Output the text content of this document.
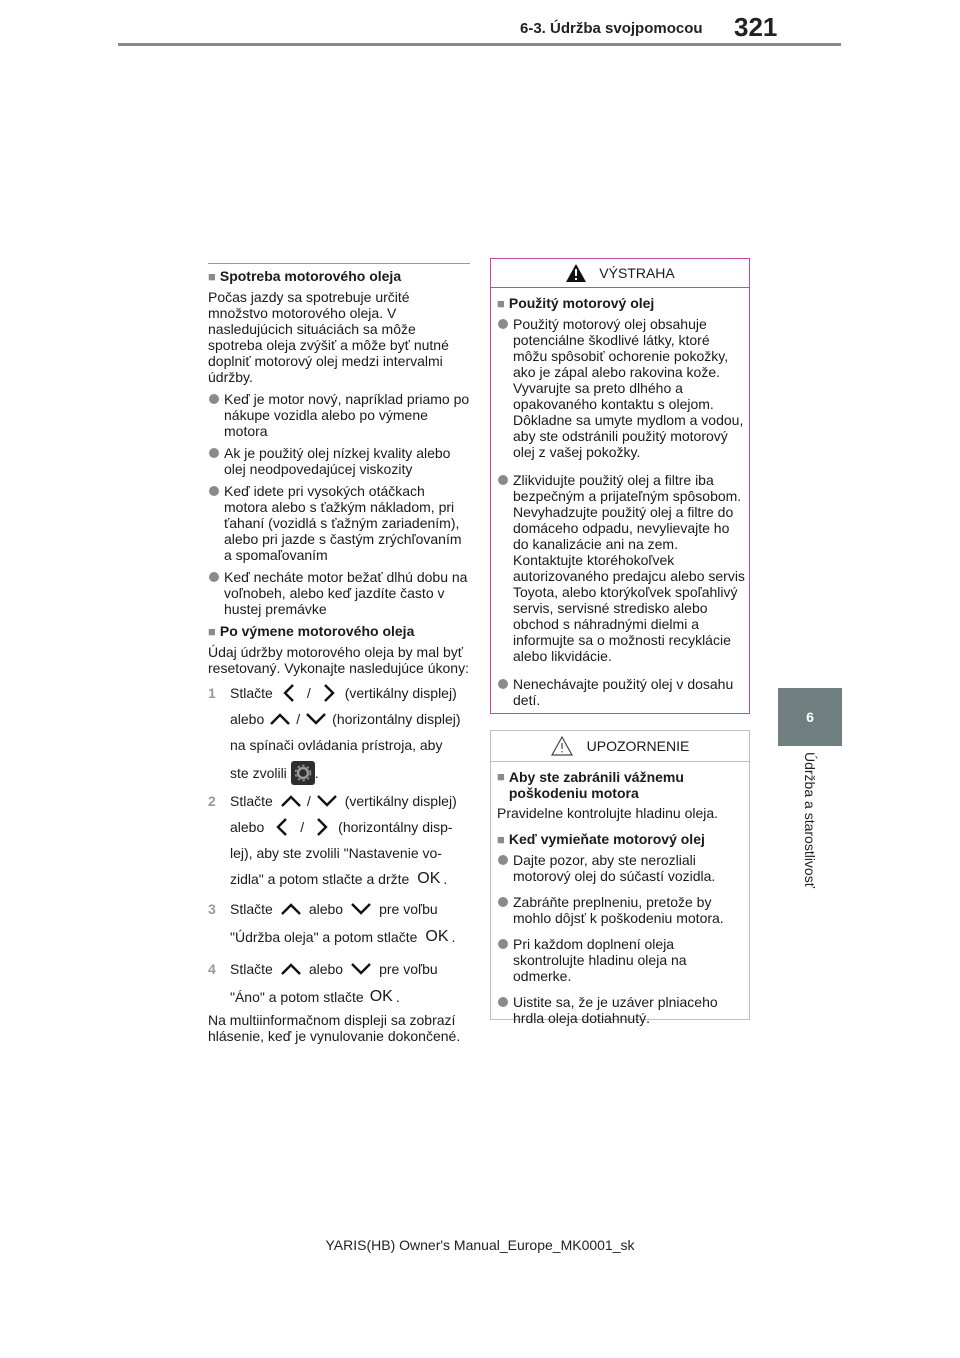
6-3. Údržba svojpomocou 321
6
Údržba a starostlivosť
■ Spotreba motorového oleja
Počas jazdy sa spotrebuje určité množstvo motorového oleja. V nasledujúcich situáciách sa môže spotreba oleja zvýšiť a môže byť nutné doplniť motorový olej medzi intervalmi údržby.
Keď je motor nový, napríklad priamo po nákupe vozidla alebo po výmene motora
Ak je použitý olej nízkej kvality alebo olej neodpovedajúcej viskozity
Keď idete pri vysokých otáčkach motora alebo s ťažkým nákladom, pri ťahaní (vozidlá s ťažným zariadením), alebo pri jazde s častým zrýchľovaním a spomaľovaním
Keď necháte motor bežať dlhú dobu na voľnobeh, alebo keď jazdíte často v hustej premávke
■ Po výmene motorového oleja
Údaj údržby motorového oleja by mal byť resetovaný. Vykonajte nasledujúce úkony:
1	Stlačte / (vertikálny displej)
alebo / (horizontálny displej)
na spínači ovládania prístroja, aby
ste zvolili .
2	Stlačte / (vertikálny displej)
alebo	/ (horizontálny disp-
lej), aby ste zvolili "Nastavenie vo-
zidla" a potom stlačte a držte OK .
3	Stlačte	alebo	pre voľbu
"Údržba oleja" a potom stlačte OK .
4	Stlačte	alebo	pre voľbu
"Áno" a potom stlačte OK .
Na multiinformačnom displeji sa zobrazí hlásenie, keď je vynulovanie dokončené.
VÝSTRAHA
■ Použitý motorový olej
Použitý motorový olej obsahuje potenciálne škodlivé látky, ktoré môžu spôsobiť ochorenie pokožky, ako je zápal alebo rakovina kože. Vyvarujte sa preto dlhého a opakovaného kontaktu s olejom. Dôkladne sa umyte mydlom a vodou, aby ste odstránili použitý motorový olej z vašej pokožky.
Zlikvidujte použitý olej a filtre iba bezpečným a prijateľným spôsobom. Nevyhadzujte použitý olej a filtre do domáceho odpadu, nevylievajte ho do kanalizácie ani na zem. Kontaktujte ktoréhokoľvek autorizovaného predajcu alebo servis Toyota, alebo ktorýkoľvek spoľahlivý servis, servisné stredisko alebo obchod s náhradnými dielmi a informujte sa o možnosti recyklácie alebo likvidácie.
Nenechávajte použitý olej v dosahu detí.
UPOZORNENIE
■ Aby ste zabránili vážnemu poškodeniu motora
Pravidelne kontrolujte hladinu oleja.
■ Keď vymieňate motorový olej
Dajte pozor, aby ste nerozliali motorový olej do súčastí vozidla.
Zabráňte preplneniu, pretože by mohlo dôjsť k poškodeniu motora.
Pri každom doplnení oleja skontrolujte hladinu oleja na odmerke.
Uistite sa, že je uzáver plniaceho hrdla oleja dotiahnutý.
YARIS(HB) Owner's Manual_Europe_MK0001_sk
